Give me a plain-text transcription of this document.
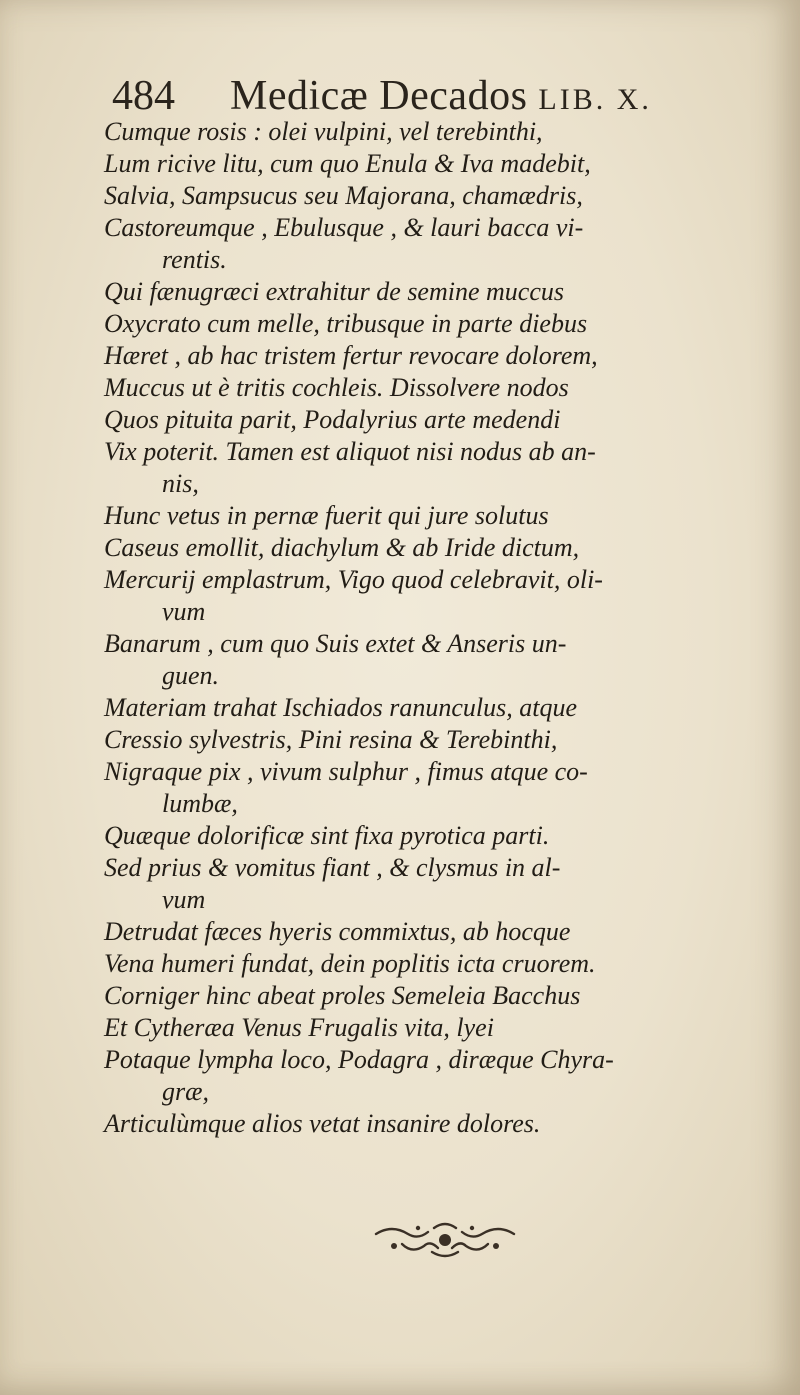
484 Medicæ Decados LIB. X.
Cumque rosis : olei vulpini, vel terebinthi,
Lum ricive litu, cum quo Enula & Iva madebit,
Salvia, Sampsucus seu Majorana, chamædris,
Castoreumque , Ebulusque , & lauri bacca vi-
rentis.
Qui fænugræci extrahitur de semine muccus
Oxycrato cum melle, tribusque in parte diebus
Hæret , ab hac tristem fertur revocare dolorem,
Muccus ut è tritis cochleis. Dissolvere nodos
Quos pituita parit, Podalyrius arte medendi
Vix poterit. Tamen est aliquot nisi nodus ab an-
nis,
Hunc vetus in pernæ fuerit qui jure solutus
Caseus emollit, diachylum & ab Iride dictum,
Mercurij emplastrum, Vigo quod celebravit, oli-
vum
Banarum , cum quo Suis extet & Anseris un-
guen.
Materiam trahat Ischiados ranunculus, atque
Cressio sylvestris, Pini resina & Terebinthi,
Nigraque pix , vivum sulphur , fimus atque co-
lumbæ,
Quæque dolorificæ sint fixa pyrotica parti.
Sed prius & vomitus fiant , & clysmus in al-
vum
Detrudat fæces hyeris commixtus, ab hocque
Vena humeri fundat, dein poplitis icta cruorem.
Corniger hinc abeat proles Semeleia Bacchus
Et Cytheræa Venus Frugalis vita, lyei
Potaque lympha loco, Podagra , diræque Chyra-
græ,
Articulùmque alios vetat insanire dolores.
